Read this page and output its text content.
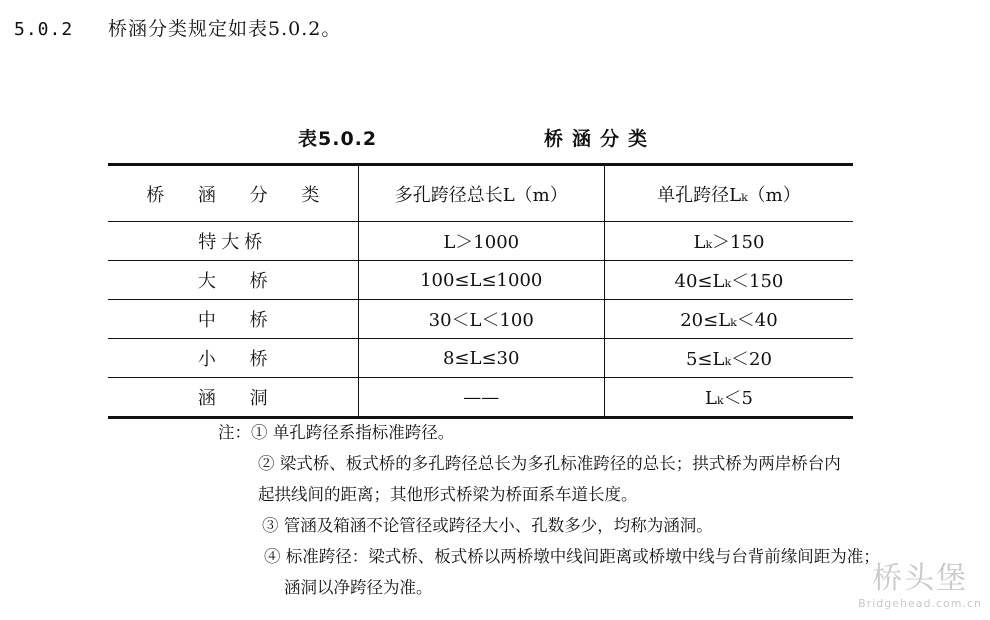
5.0.2 桥涵分类规定如表5.0.2。
表5.0.2	桥涵分类
桥 涵 分 类	多孔跨径总长L（m）	单孔跨径Lₖ（m）
特大桥	L＞1000	Lₖ＞150
大 桥	100≤L≤1000	40≤Lₖ＜150
中 桥	30＜L＜100	20≤Lₖ＜40
小 桥	8≤L≤30	5≤Lₖ＜20
涵 洞	——	Lₖ＜5
注：① 单孔跨径系指标准跨径。
② 梁式桥、板式桥的多孔跨径总长为多孔标准跨径的总长；拱式桥为两岸桥台内
起拱线间的距离；其他形式桥梁为桥面系车道长度。
③ 管涵及箱涵不论管径或跨径大小、孔数多少，均称为涵洞。
④ 标准跨径：梁式桥、板式桥以两桥墩中线间距离或桥墩中线与台背前缘间距为准；
涵洞以净跨径为准。	桥头堡
Bridgehead.com.cn
